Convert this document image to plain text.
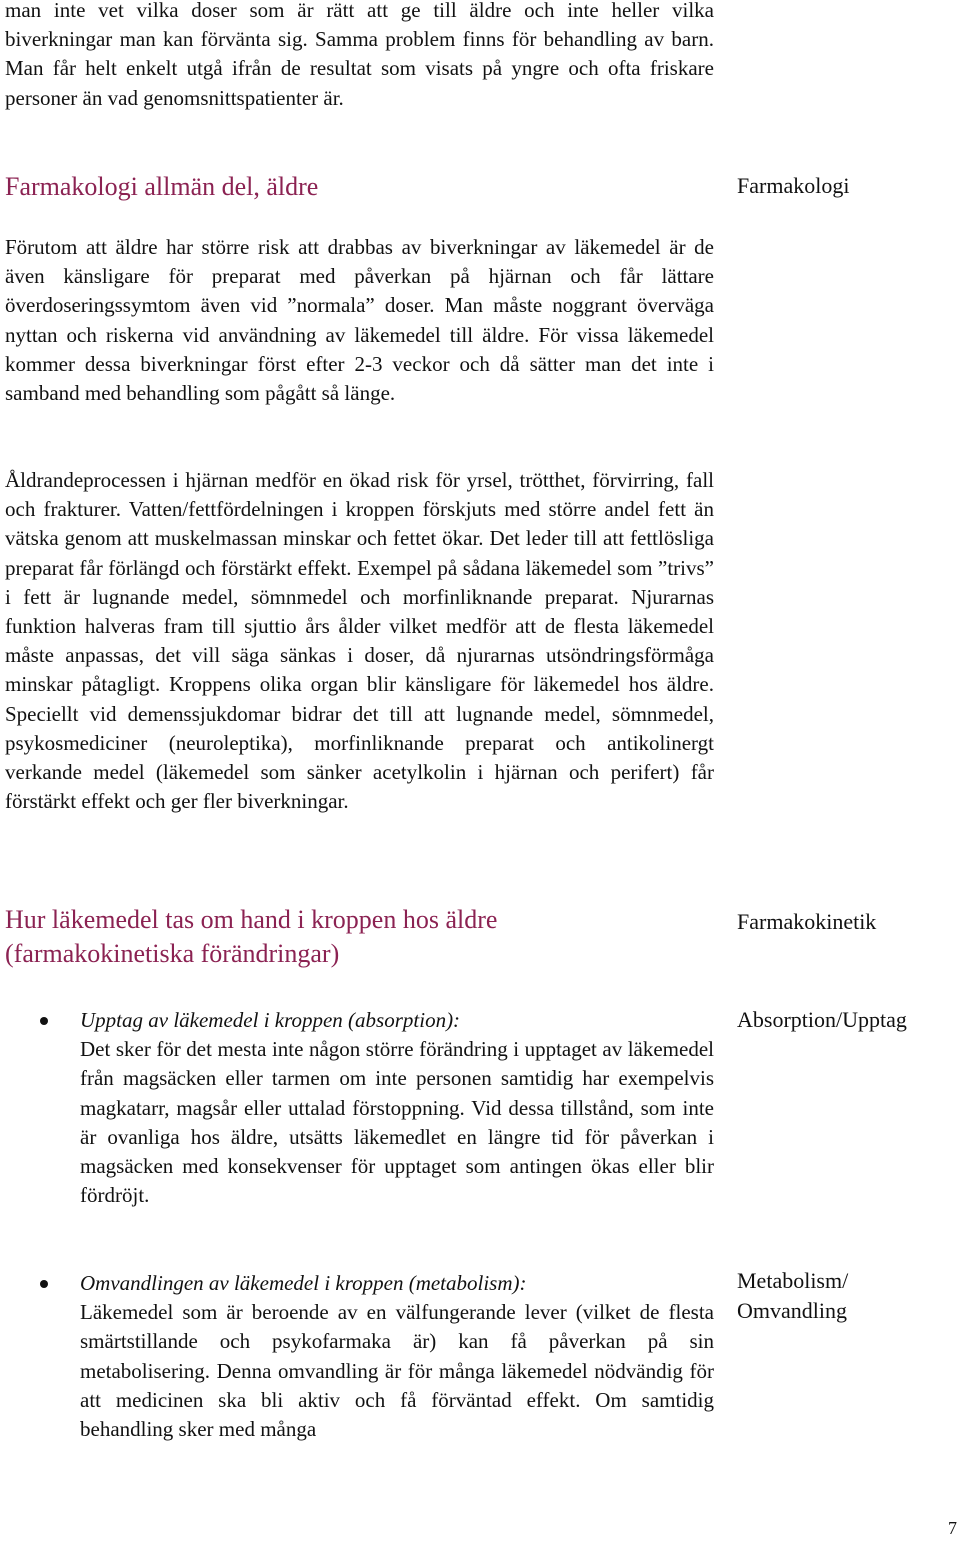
man inte vet vilka doser som är rätt att ge till äldre och inte heller vilka biverkningar man kan förvänta sig. Samma problem finns för behandling av barn. Man får helt enkelt utgå ifrån de resultat som visats på yngre och ofta friskare personer än vad genomsnittspatienter är.

Farmakologi allmän del, äldre	Farmakologi

Förutom att äldre har större risk att drabbas av biverkningar av läkemedel är de även känsligare för preparat med påverkan på hjärnan och får lättare överdoseringssymtom även vid ”normala” doser. Man måste noggrant överväga nyttan och riskerna vid användning av läkemedel till äldre. För vissa läkemedel kommer dessa biverkningar först efter 2-3 veckor och då sätter man det inte i samband med behandling som pågått så länge.

Åldrandeprocessen i hjärnan medför en ökad risk för yrsel, trötthet, förvirring, fall och frakturer. Vatten/fettfördelningen i kroppen förskjuts med större andel fett än vätska genom att muskelmassan minskar och fettet ökar. Det leder till att fettlösliga preparat får förlängd och förstärkt effekt. Exempel på sådana läkemedel som ”trivs” i fett är lugnande medel, sömnmedel och morfinliknande preparat. Njurarnas funktion halveras fram till sjuttio års ålder vilket medför att de flesta läkemedel måste anpassas, det vill säga sänkas i doser, då njurarnas utsöndringsförmåga minskar påtagligt. Kroppens olika organ blir känsligare för läkemedel hos äldre. Speciellt vid demenssjukdomar bidrar det till att lugnande medel, sömnmedel, psykosmediciner (neuroleptika), morfinliknande preparat och antikolinergt verkande medel (läkemedel som sänker acetylkolin i hjärnan och perifert) får förstärkt effekt och ger fler biverkningar.

Hur läkemedel tas om hand i kroppen hos äldre (farmakokinetiska förändringar)
Farmakokinetik
Upptag av läkemedel i kroppen (absorption):
Det sker för det mesta inte någon större förändring i upptaget av läkemedel från magsäcken eller tarmen om inte personen samtidig har exempelvis magkatarr, magsår eller uttalad förstoppning. Vid dessa tillstånd, som inte är ovanliga hos äldre, utsätts läkemedlet en längre tid för påverkan i magsäcken med konsekvenser för upptaget som antingen ökas eller blir fördröjt.
Absorption/Upptag
Omvandlingen av läkemedel i kroppen (metabolism):
Läkemedel som är beroende av en välfungerande lever (vilket de flesta smärtstillande och psykofarmaka är) kan få påverkan på sin metabolisering. Denna omvandling är för många läkemedel nödvändig för att medicinen ska bli aktiv och få förväntad effekt. Om samtidig behandling sker med många
Metabolism/ Omvandling
7
